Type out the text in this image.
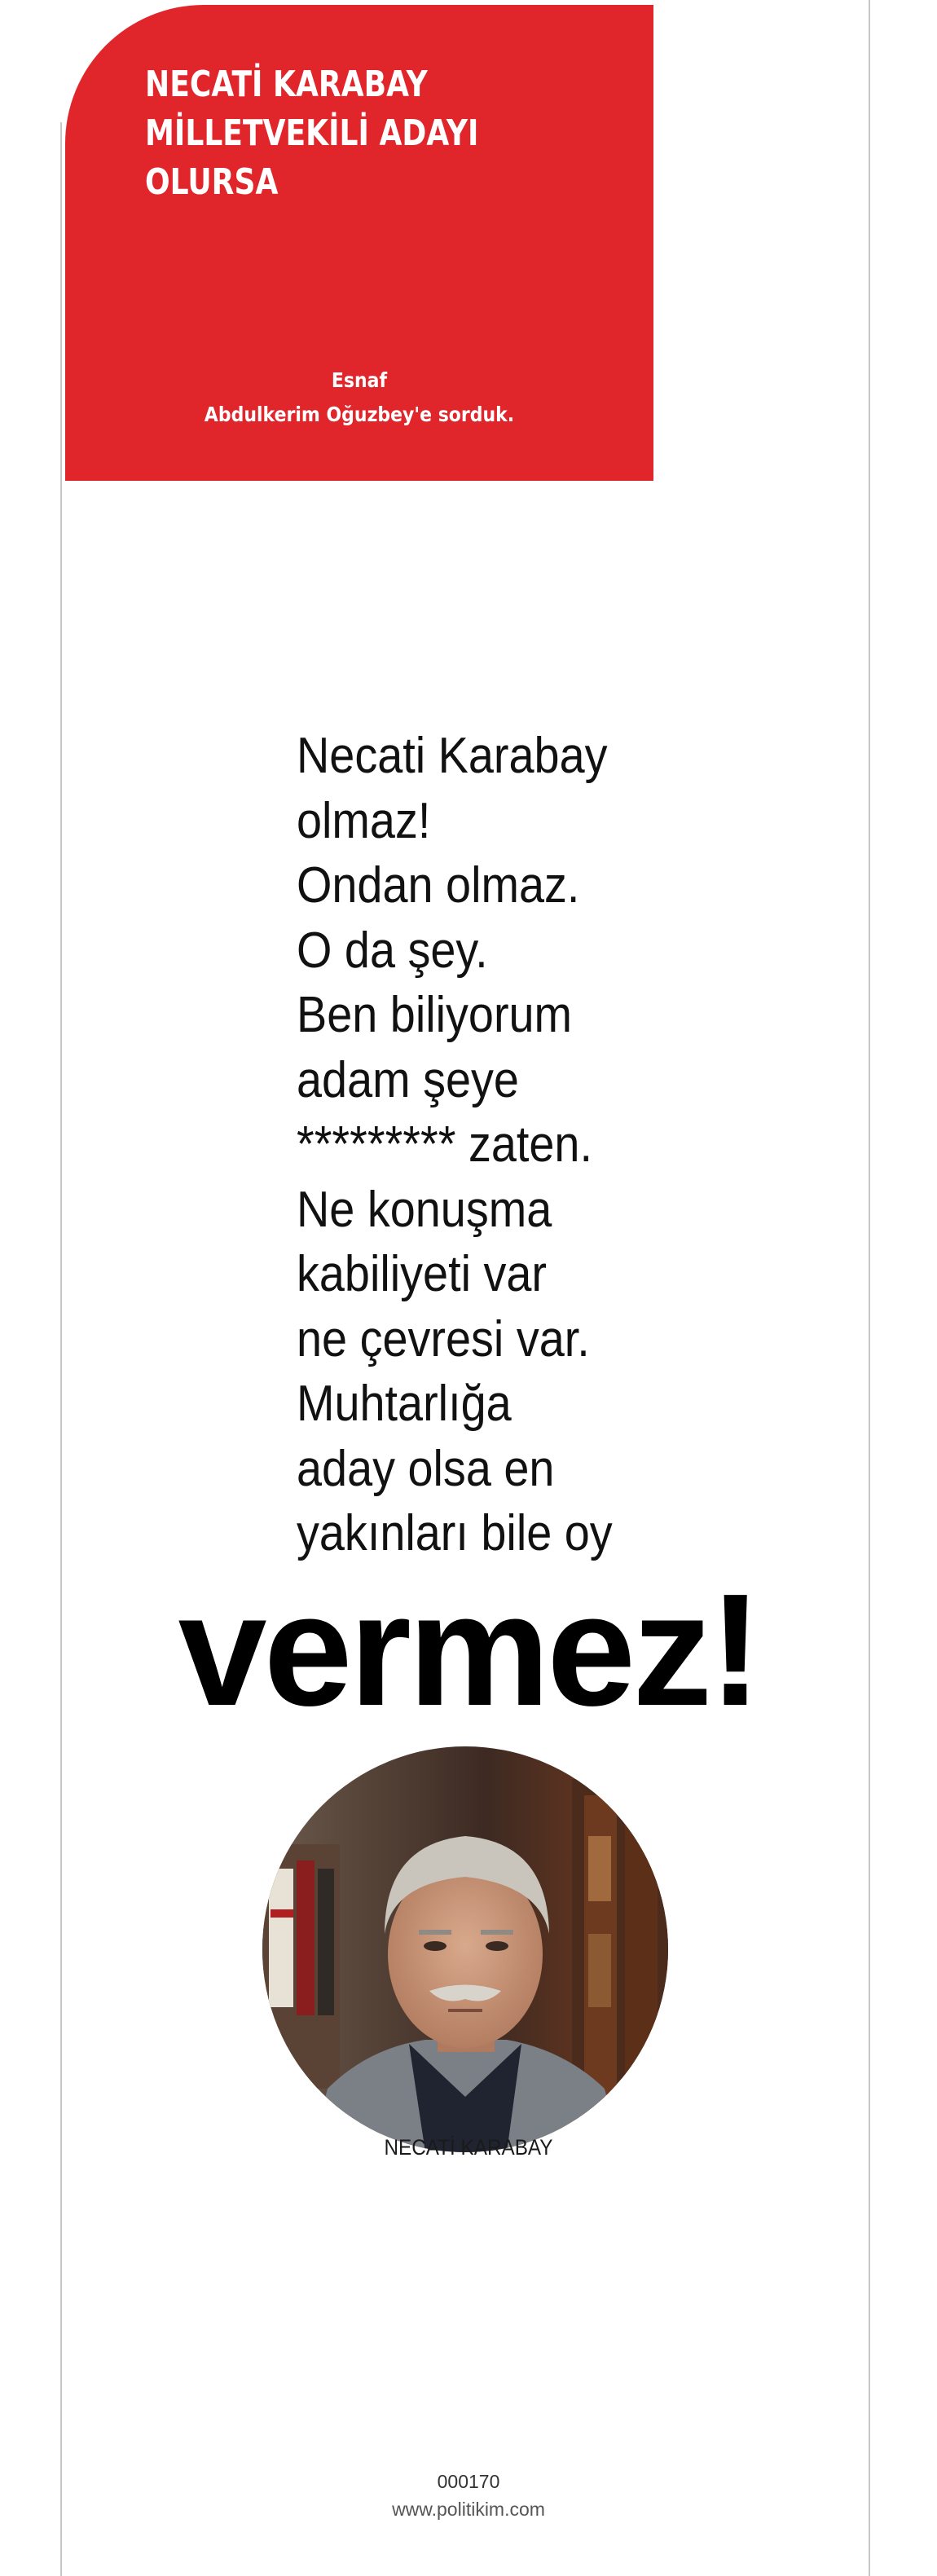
NECATİ KARABAY
MİLLETVEKİLİ ADAYI
OLURSA
Esnaf
Abdulkerim Oğuzbey'e sorduk.
Necati Karabay
olmaz!
Ondan olmaz.
O da şey.
Ben biliyorum
adam şeye
********* zaten.
Ne konuşma
kabiliyeti var
ne çevresi var.
Muhtarlığa
aday olsa en
yakınları bile oy
vermez!
NECATİ KARABAY
000170
www.politikim.com
